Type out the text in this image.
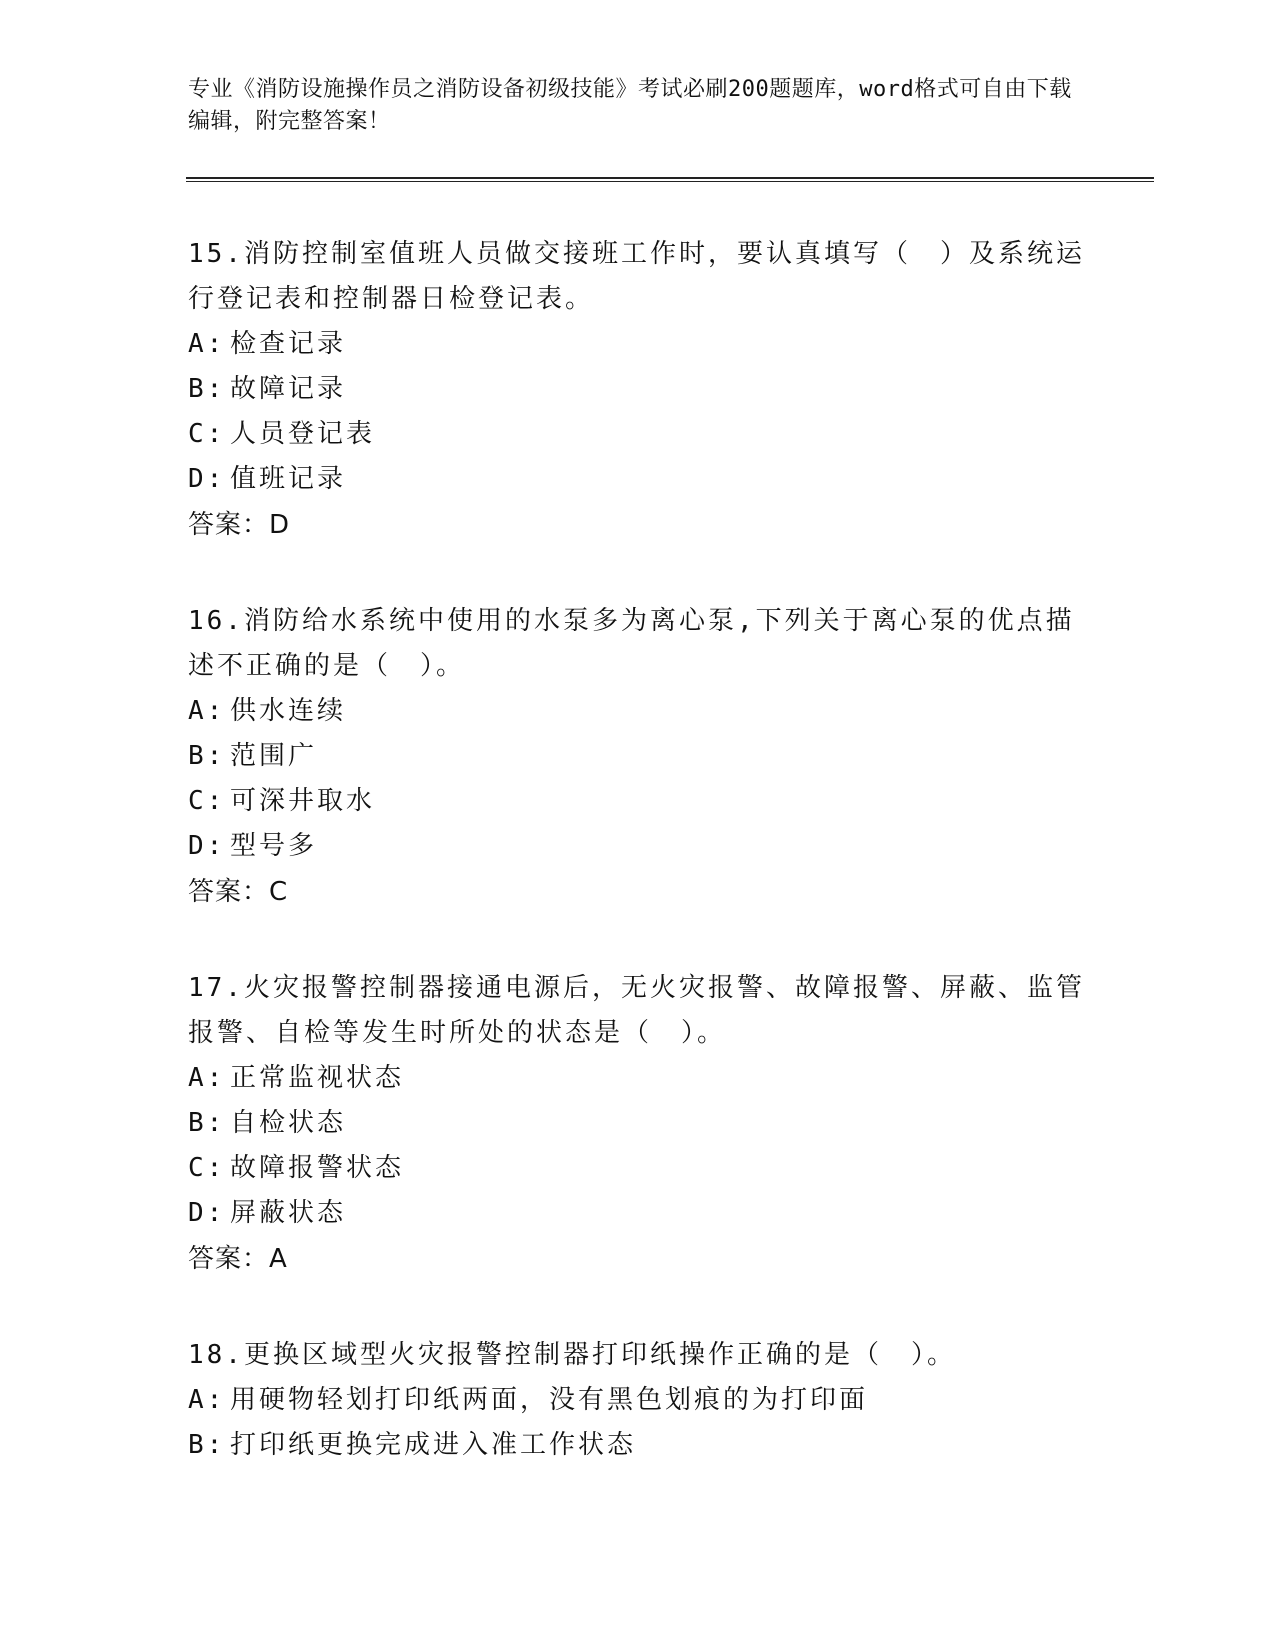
专业《消防设施操作员之消防设备初级技能》考试必刷200题题库，word格式可自由下载编辑，附完整答案！

15.消防控制室值班人员做交接班工作时，要认真填写（　）及系统运行登记表和控制器日检登记表。

A: 检查记录

B: 故障记录

C: 人员登记表

D: 值班记录

答案：D

16.消防给水系统中使用的水泵多为离心泵,下列关于离心泵的优点描述不正确的是（　）。

A: 供水连续

B: 范围广

C: 可深井取水

D: 型号多

答案：C

17.火灾报警控制器接通电源后，无火灾报警、故障报警、屏蔽、监管报警、自检等发生时所处的状态是（　）。

A: 正常监视状态

B: 自检状态

C: 故障报警状态

D: 屏蔽状态

答案：A

18.更换区域型火灾报警控制器打印纸操作正确的是（　）。

A: 用硬物轻划打印纸两面，没有黑色划痕的为打印面

B: 打印纸更换完成进入准工作状态
